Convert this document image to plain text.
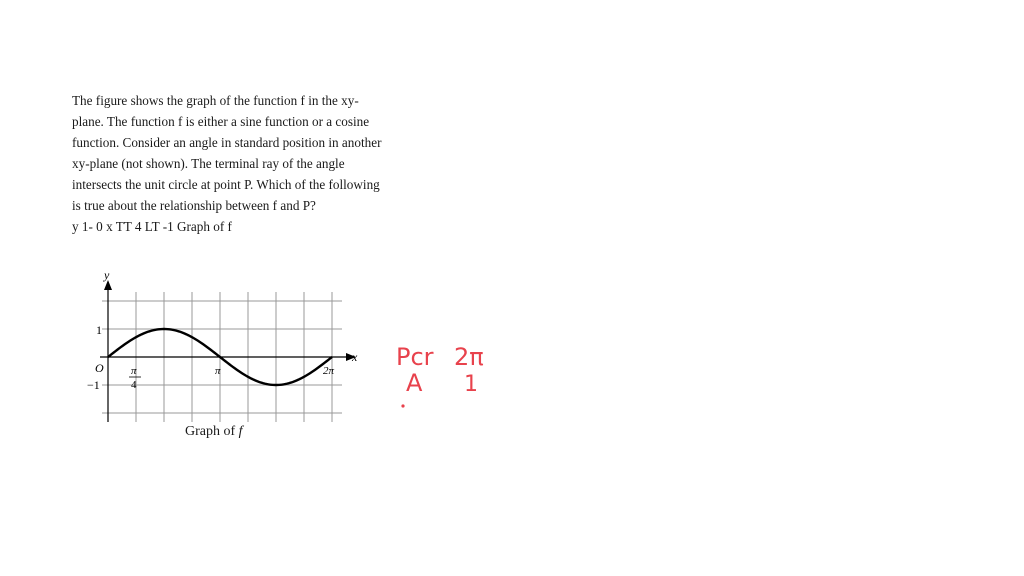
The figure shows the graph of the function f in the xy-plane. The function f is either a sine function or a cosine function. Consider an angle in standard position in another xy-plane (not shown). The terminal ray of the angle intersects the unit circle at point P. Which of the following is true about the relationship between f and P?

y 1- 0 x TT 4 LT -1 Graph of f

y
x
O
1
−1
π
4
π	2π
Graph of f
Pcr 2π
A 1
